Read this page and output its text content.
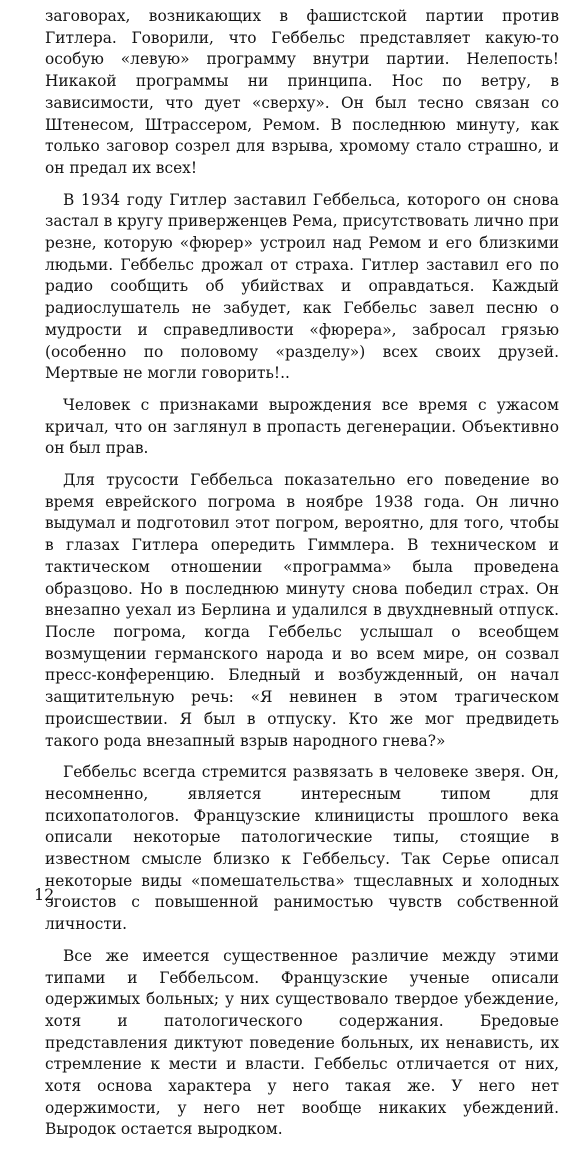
заговорах, возникающих в фашистской партии против Гитлера. Говорили, что Геббельс представляет какую-то особую «левую» программу внутри партии. Нелепость! Никакой программы ни принципа. Нос по ветру, в зависимости, что дует «сверху». Он был тесно связан со Штенесом, Штрассером, Ремом. В последнюю минуту, как только заговор созрел для взрыва, хромому стало страшно, и он предал их всех!

В 1934 году Гитлер заставил Геббельса, которого он снова застал в кругу приверженцев Рема, присутствовать лично при резне, которую «фюрер» устроил над Ремом и его близкими людьми. Геббельс дрожал от страха. Гитлер заставил его по радио сообщить об убийствах и оправдаться. Каждый радиослушатель не забудет, как Геббельс завел песню о мудрости и справедливости «фюрера», забросал грязью (особенно по половому «разделу») всех своих друзей. Мертвые не могли говорить!..

Человек с признаками вырождения все время с ужасом кричал, что он заглянул в пропасть дегенерации. Объективно он был прав.

Для трусости Геббельса показательно его поведение во время еврейского погрома в ноябре 1938 года. Он лично выдумал и подготовил этот погром, вероятно, для того, чтобы в глазах Гитлера опередить Гиммлера. В техническом и тактическом отношении «программа» была проведена образцово. Но в последнюю минуту снова победил страх. Он внезапно уехал из Берлина и удалился в двухдневный отпуск. После погрома, когда Геббельс услышал о всеобщем возмущении германского народа и во всем мире, он созвал пресс-конференцию. Бледный и возбужденный, он начал защитительную речь: «Я невинен в этом трагическом происшествии. Я был в отпуску. Кто же мог предвидеть такого рода внезапный взрыв народного гнева?»

Геббельс всегда стремится развязать в человеке зверя. Он, несомненно, является интересным типом для психопатологов. Французские клиницисты прошлого века описали некоторые патологические типы, стоящие в известном смысле близко к Геббельсу. Так Серье описал некоторые виды «помешательства» тщеславных и холодных эгоистов с повышенной ранимостью чувств собственной личности.

Все же имеется существенное различие между этими типами и Геббельсом. Французские ученые описали одержимых больных; у них существовало твердое убеждение, хотя и патологического содержания. Бредовые представления диктуют поведение больных, их ненависть, их стремление к мести и власти. Геббельс отличается от них, хотя основа характера у него такая же. У него нет одержимости, у него нет вообще никаких убеждений. Выродок остается выродком.

12
